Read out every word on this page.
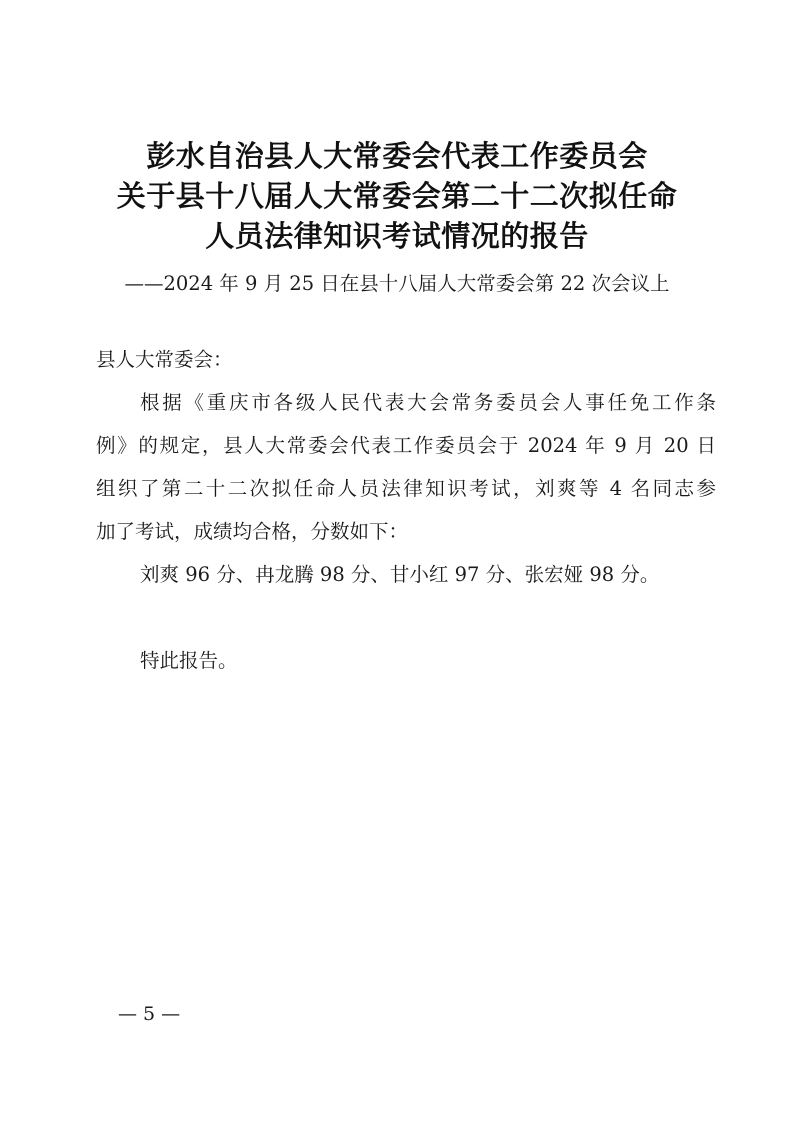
彭水自治县人大常委会代表工作委员会
关于县十八届人大常委会第二十二次拟任命
人员法律知识考试情况的报告
——2024 年 9 月 25 日在县十八届人大常委会第 22 次会议上
县人大常委会：
根据《重庆市各级人民代表大会常务委员会人事任免工作条
例》的规定，县人大常委会代表工作委员会于 2024 年 9 月 20 日
组织了第二十二次拟任命人员法律知识考试，刘爽等 4 名同志参
加了考试，成绩均合格，分数如下：
刘爽 96 分、冉龙腾 98 分、甘小红 97 分、张宏娅 98 分。
特此报告。
— 5 —
